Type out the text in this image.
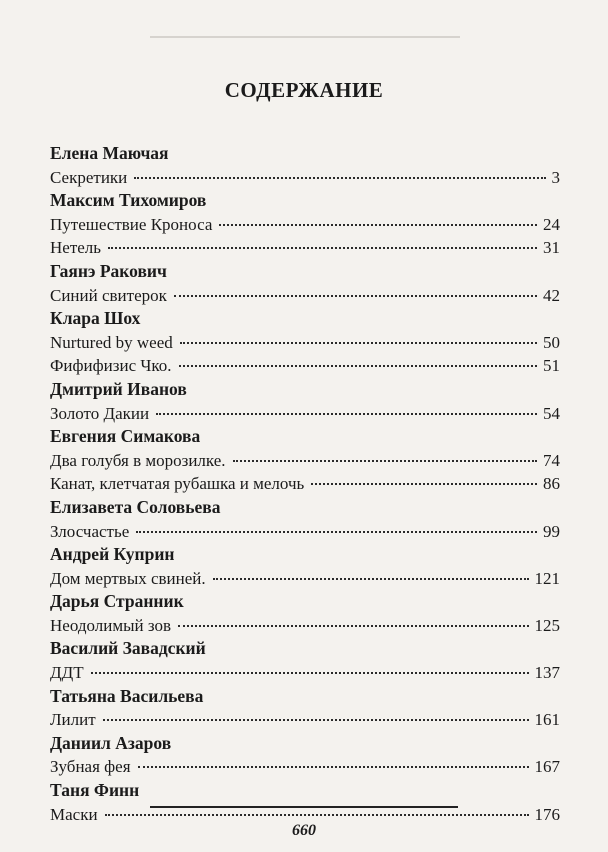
СОДЕРЖАНИЕ
Елена Маючая
Секретики	3
Максим Тихомиров
Путешествие Кроноса	24
Нетель	31
Гаянэ Ракович
Синий свитерок	42
Клара Шох
Nurtured by weed	50
Фифифизис Чко.	51
Дмитрий Иванов
Золото Дакии	54
Евгения Симакова
Два голубя в морозилке.	74
Канат, клетчатая рубашка и мелочь	86
Елизавета Соловьева
Злосчастье	99
Андрей Куприн
Дом мертвых свиней.	121
Дарья Странник
Неодолимый зов	125
Василий Завадский
ДДТ	137
Татьяна Васильева
Лилит	161
Даниил Азаров
Зубная фея	167
Таня Финн
Маски	176
660
